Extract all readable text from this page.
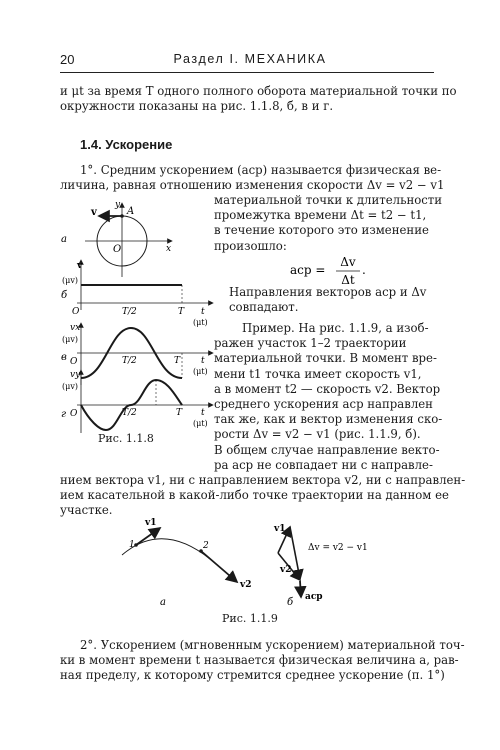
20	Раздел I. МЕХАНИКА
и μt за время T одного полного оборота материальной точки по
окружности показаны на рис. 1.1.8, б, в и г.
1.4. Ускорение
1°. Средним ускорением (aср) называется физическая ве-
личина, равная отношению изменения скорости Δv = v2 − v1
материальной точки к длительности
промежутка времени Δt = t2 − t1,
в течение которого это изменение
произошло:
aср =
Δv
Δt
.
Направления векторов aср и Δv
совпадают.
Пример. На рис. 1.1.9, а изоб-
ражен участок 1–2 траектории
материальной точки. В момент вре-
мени t1 точка имеет скорость v1,
а в момент t2 — скорость v2. Вектор
среднего ускорения aср направлен
так же, как и вектор изменения ско-
рости Δv = v2 − v1 (рис. 1.1.9, б).
В общем случае направление векто-
ра aср не совпадает ни с направле-
нием вектора v1, ни с направлением вектора v2, ни с направлен-
ием касательной в какой-либо точке траектории на данном ее
участке.
y
A
v
O	x
а
v
(μv)
б
O	T/2	T t
(μt)
vx
(μv)
в O	T/2	T t
(μt)
vy
(μv)
г O	T/2	T t
(μt)
Рис. 1.1.8
v1
v2
1	2
а
v1
v2
Δv = v2 − v1
aср
б
Рис. 1.1.9
2°. Ускорением (мгновенным ускорением) материальной точ-
ки в момент времени t называется физическая величина a, рав-
ная пределу, к которому стремится среднее ускорение (п. 1°)
